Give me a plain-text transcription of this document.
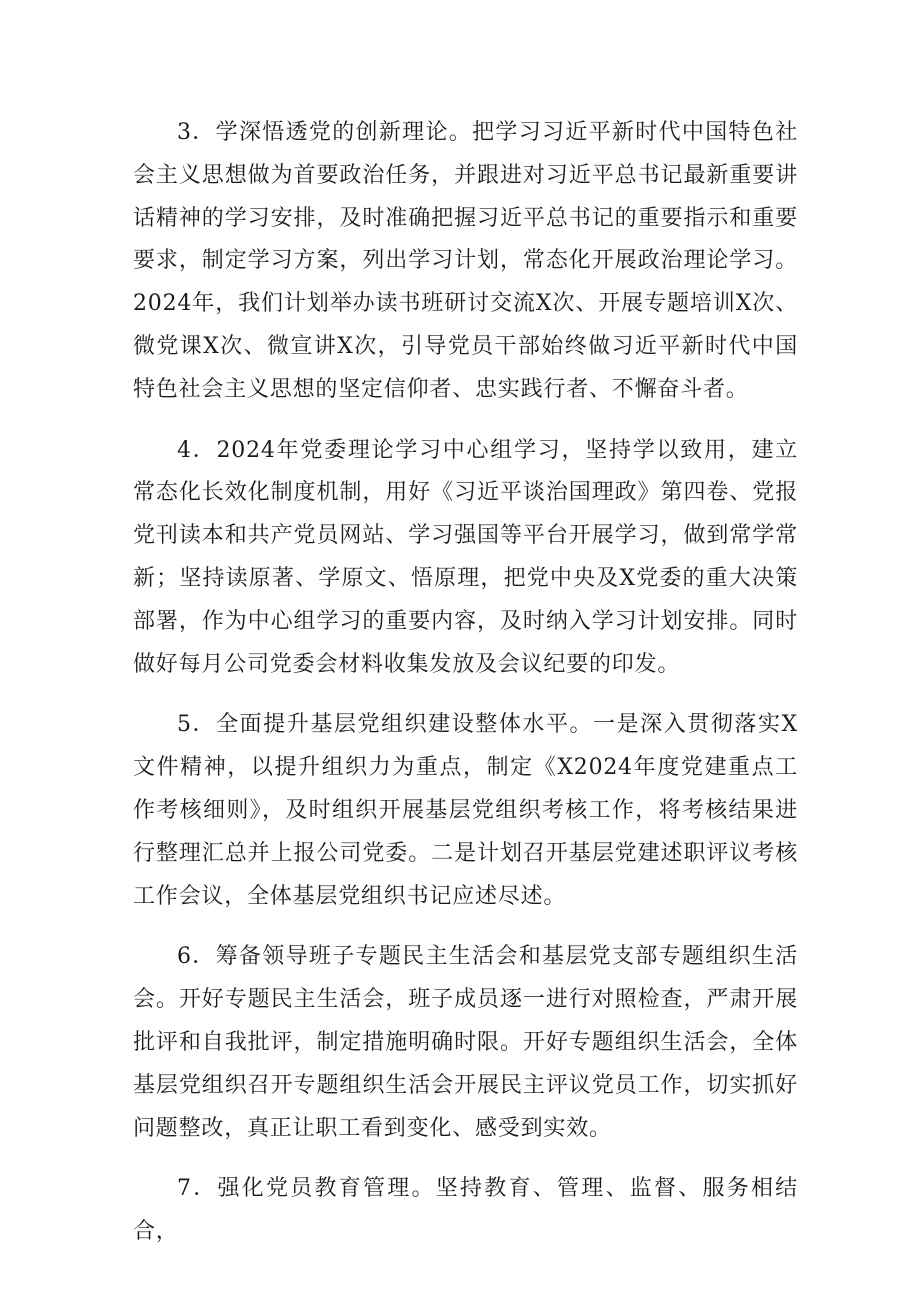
3．学深悟透党的创新理论。把学习习近平新时代中国特色社会主义思想做为首要政治任务，并跟进对习近平总书记最新重要讲话精神的学习安排，及时准确把握习近平总书记的重要指示和重要要求，制定学习方案，列出学习计划，常态化开展政治理论学习。2024年，我们计划举办读书班研讨交流X次、开展专题培训X次、微党课X次、微宣讲X次，引导党员干部始终做习近平新时代中国特色社会主义思想的坚定信仰者、忠实践行者、不懈奋斗者。

4．2024年党委理论学习中心组学习，坚持学以致用，建立常态化长效化制度机制，用好《习近平谈治国理政》第四卷、党报党刊读本和共产党员网站、学习强国等平台开展学习，做到常学常新；坚持读原著、学原文、悟原理，把党中央及X党委的重大决策部署，作为中心组学习的重要内容，及时纳入学习计划安排。同时做好每月公司党委会材料收集发放及会议纪要的印发。

5．全面提升基层党组织建设整体水平。一是深入贯彻落实X文件精神，以提升组织力为重点，制定《X2024年度党建重点工作考核细则》，及时组织开展基层党组织考核工作，将考核结果进行整理汇总并上报公司党委。二是计划召开基层党建述职评议考核工作会议，全体基层党组织书记应述尽述。

6．筹备领导班子专题民主生活会和基层党支部专题组织生活会。开好专题民主生活会，班子成员逐一进行对照检查，严肃开展批评和自我批评，制定措施明确时限。开好专题组织生活会，全体基层党组织召开专题组织生活会开展民主评议党员工作，切实抓好问题整改，真正让职工看到变化、感受到实效。

7．强化党员教育管理。坚持教育、管理、监督、服务相结合，
